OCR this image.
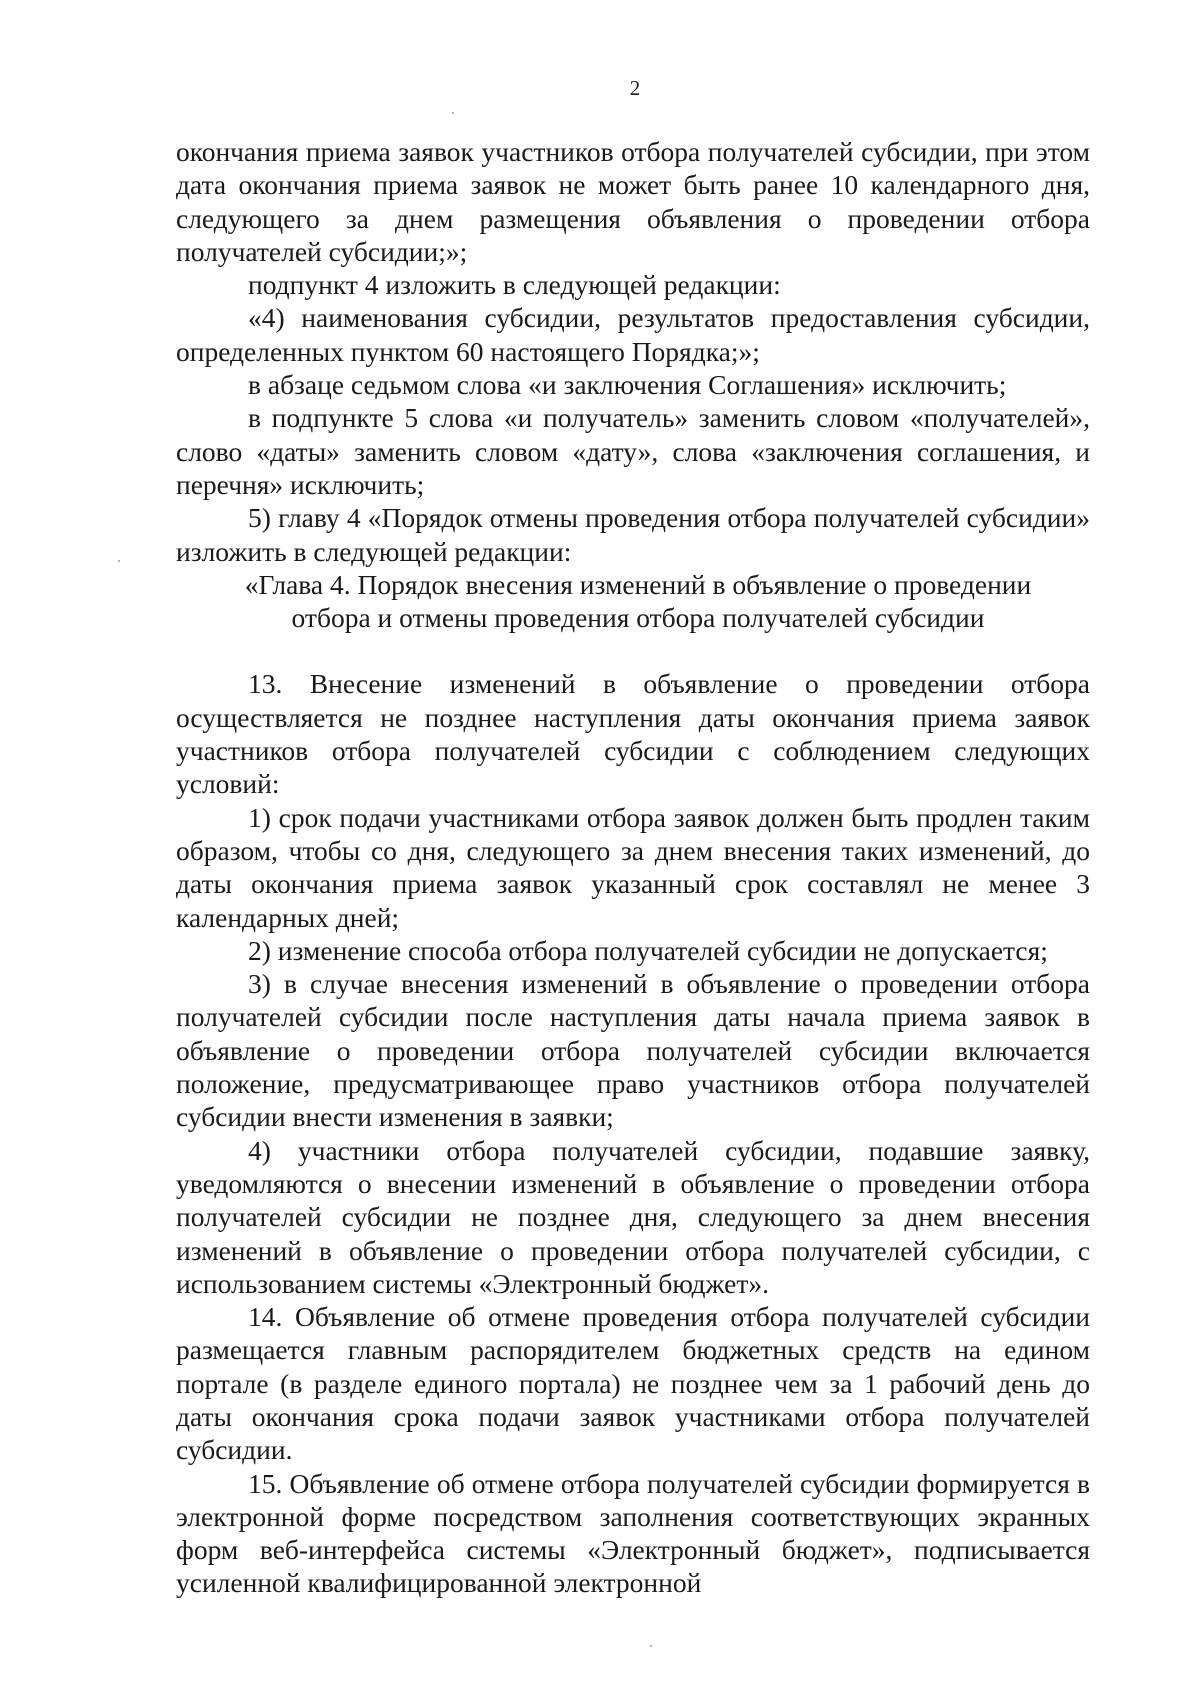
2

окончания приема заявок участников отбора получателей субсидии, при этом дата окончания приема заявок не может быть ранее 10 календарного дня, следующего за днем размещения объявления о проведении отбора получателей субсидии;»;

подпункт 4 изложить в следующей редакции:

«4) наименования субсидии, результатов предоставления субсидии, определенных пунктом 60 настоящего Порядка;»;

в абзаце седьмом слова «и заключения Соглашения» исключить;

в подпункте 5 слова «и получатель» заменить словом «получателей», слово «даты» заменить словом «дату», слова «заключения соглашения, и перечня» исключить;

5) главу 4 «Порядок отмены проведения отбора получателей субсидии» изложить в следующей редакции:

«Глава 4. Порядок внесения изменений в объявление о проведении

отбора и отмены проведения отбора получателей субсидии

13. Внесение изменений в объявление о проведении отбора осуществляется не позднее наступления даты окончания приема заявок участников отбора получателей субсидии с соблюдением следующих условий:

1) срок подачи участниками отбора заявок должен быть продлен таким образом, чтобы со дня, следующего за днем внесения таких изменений, до даты окончания приема заявок указанный срок составлял не менее 3 календарных дней;

2) изменение способа отбора получателей субсидии не допускается;

3) в случае внесения изменений в объявление о проведении отбора получателей субсидии после наступления даты начала приема заявок в объявление о проведении отбора получателей субсидии включается положение, предусматривающее право участников отбора получателей субсидии внести изменения в заявки;

4) участники отбора получателей субсидии, подавшие заявку, уведомляются о внесении изменений в объявление о проведении отбора получателей субсидии не позднее дня, следующего за днем внесения изменений в объявление о проведении отбора получателей субсидии, с использованием системы «Электронный бюджет».

14. Объявление об отмене проведения отбора получателей субсидии размещается главным распорядителем бюджетных средств на едином портале (в разделе единого портала) не позднее чем за 1 рабочий день до даты окончания срока подачи заявок участниками отбора получателей субсидии.

15. Объявление об отмене отбора получателей субсидии формируется в электронной форме посредством заполнения соответствующих экранных форм веб-интерфейса системы «Электронный бюджет», подписывается усиленной квалифицированной электронной
